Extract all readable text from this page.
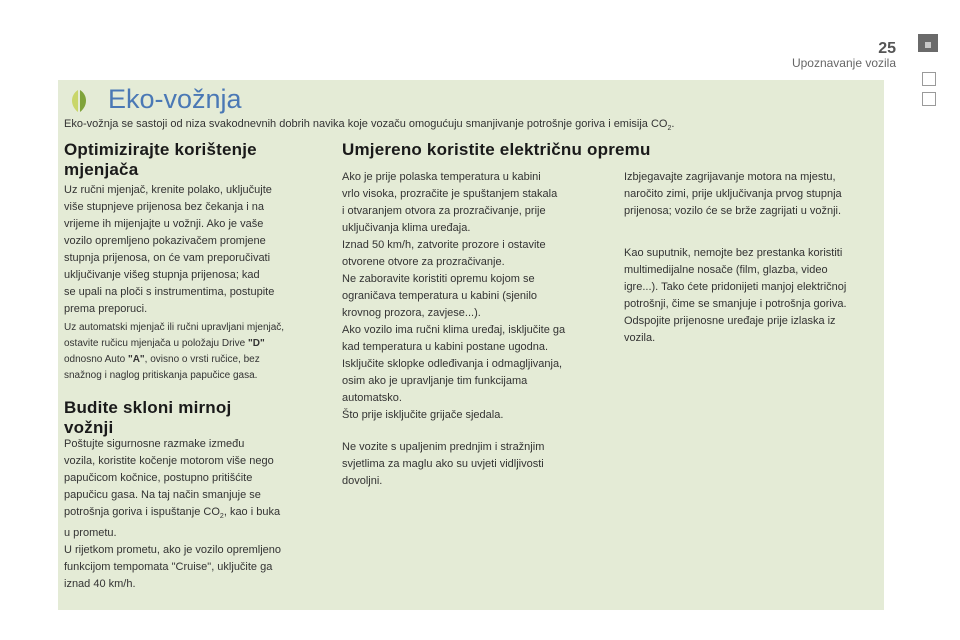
25
Upoznavanje vozila
Eko-vožnja
Eko-vožnja se sastoji od niza svakodnevnih dobrih navika koje vozaču omogućuju smanjivanje potrošnje goriva i emisija $CO_2$.
Optimizirajte korištenje
mjenjača
Uz ručni mjenjač, krenite polako, uključujte
više stupnjeve prijenosa bez čekanja i na
vrijeme ih mijenjajte u vožnji. Ako je vaše
vozilo opremljeno pokazivačem promjene
stupnja prijenosa, on će vam preporučivati
uključivanje višeg stupnja prijenosa; kad
se upali na ploči s instrumentima, postupite
prema preporuci.
Uz automatski mjenjač ili ručni upravljani mjenjač,
ostavite ručicu mjenjača u položaju Drive "D"
odnosno Auto "A", ovisno o vrsti ručice, bez
snažnog i naglog pritiskanja papučice gasa.
Budite skloni mirnoj
vožnji
Poštujte sigurnosne razmake između
vozila, koristite kočenje motorom više nego
papučicom kočnice, postupno pritišćite
papučicu gasa. Na taj način smanjuje se
potrošnja goriva i ispuštanje $CO_2$, kao i buka
u prometu.
U rijetkom prometu, ako je vozilo opremljeno
funkcijom tempomata "Cruise", uključite ga
iznad 40 km/h.
Umjereno koristite električnu opremu
Ako je prije polaska temperatura u kabini
vrlo visoka, prozračite je spuštanjem stakala
i otvaranjem otvora za prozračivanje, prije
uključivanja klima uređaja.
Iznad 50 km/h, zatvorite prozore i ostavite
otvorene otvore za prozračivanje.
Ne zaboravite koristiti opremu kojom se
ograničava temperatura u kabini (sjenilo
krovnog prozora, zavjese...).
Ako vozilo ima ručni klima uređaj, isključite ga
kad temperatura u kabini postane ugodna.
Isključite sklopke odleđivanja i odmagljivanja,
osim ako je upravljanje tim funkcijama
automatsko.
Što prije isključite grijače sjedala.
Ne vozite s upaljenim prednjim i stražnjim
svjetlima za maglu ako su uvjeti vidljivosti
dovoljni.
Izbjegavajte zagrijavanje motora na mjestu,
naročito zimi, prije uključivanja prvog stupnja
prijenosa; vozilo će se brže zagrijati u vožnji.
Kao suputnik, nemojte bez prestanka koristiti
multimedijalne nosače (film, glazba, video
igre...). Tako ćete pridonijeti manjoj električnoj
potrošnji, čime se smanjuje i potrošnja goriva.
Odspojite prijenosne uređaje prije izlaska iz
vozila.
